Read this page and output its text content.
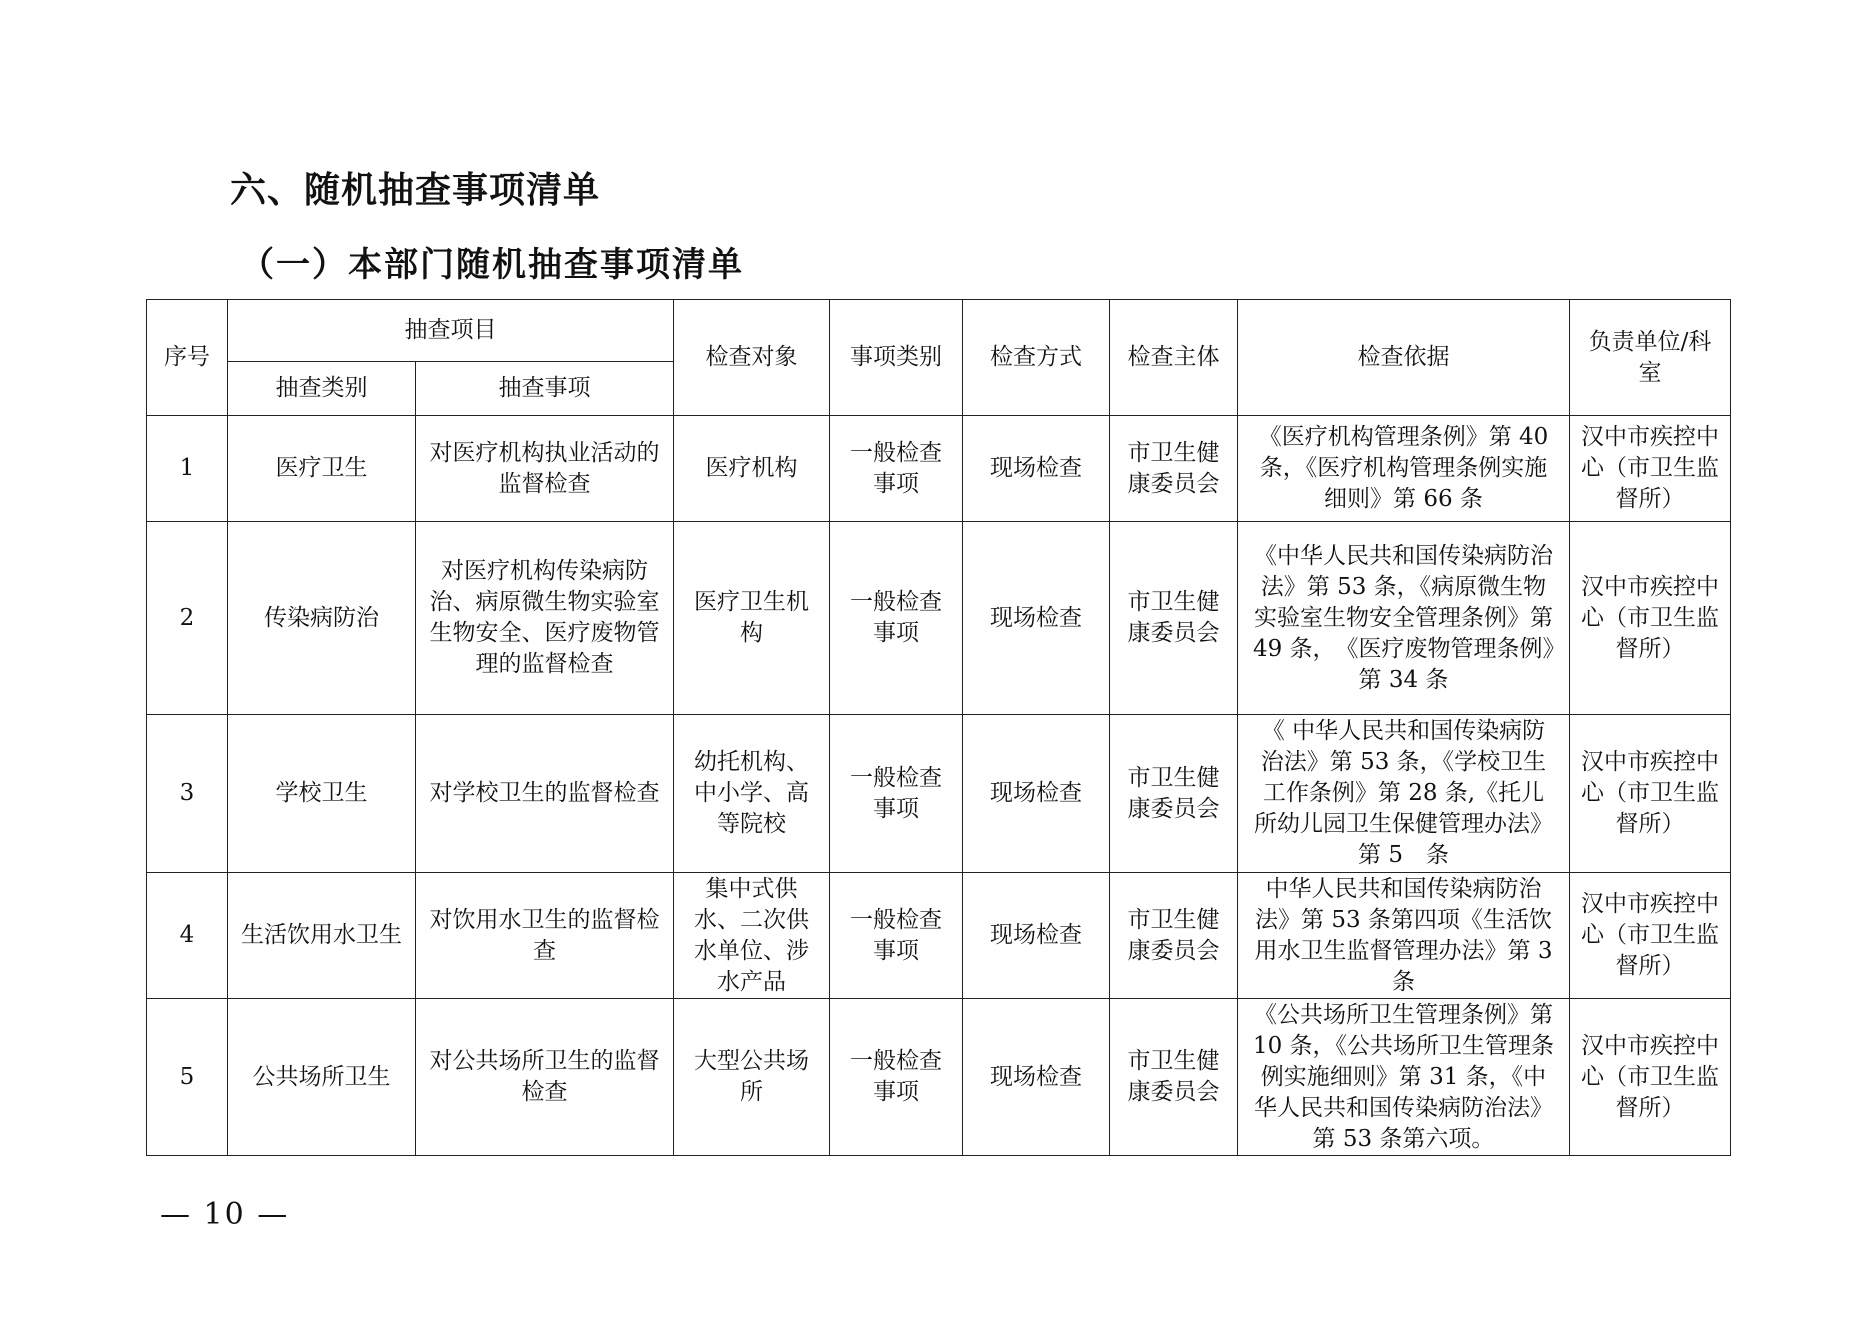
六、随机抽查事项清单
（一）本部门随机抽查事项清单
序号	抽查项目		检查对象	事项类别	检查方式	检查主体	检查依据	负责单位/科室
	抽查类别	抽查事项						
1	医疗卫生	对医疗机构执业活动的监督检查	医疗机构	一般检查事项	现场检查	市卫生健康委员会	《医疗机构管理条例》第 40 条，《医疗机构管理条例实施细则》第 66 条	汉中市疾控中心（市卫生监督所）
2	传染病防治	对医疗机构传染病防治、病原微生物实验室生物安全、医疗废物管理的监督检查	医疗卫生机构	一般检查事项	现场检查	市卫生健康委员会	《中华人民共和国传染病防治法》第 53 条，《病原微生物实验室生物安全管理条例》第 49 条，　《医疗废物管理条例》第 34 条	汉中市疾控中心（市卫生监督所）
3	学校卫生	对学校卫生的监督检查	幼托机构、中小学、高等院校	一般检查事项	现场检查	市卫生健康委员会	《 中华人民共和国传染病防治法》第 53 条，《学校卫生工作条例》第 28 条,《托儿所幼儿园卫生保健管理办法》第 5　条	汉中市疾控中心（市卫生监督所）
4	生活饮用水卫生	对饮用水卫生的监督检查	集中式供水、二次供水单位、涉水产品	一般检查事项	现场检查	市卫生健康委员会	中华人民共和国传染病防治法》第 53 条第四项《生活饮用水卫生监督管理办法》第 3　条	汉中市疾控中心（市卫生监督所）
5	公共场所卫生	对公共场所卫生的监督检查	大型公共场所	一般检查事项	现场检查	市卫生健康委员会	《公共场所卫生管理条例》第 10 条，《公共场所卫生管理条例实施细则》第 31 条，《中华人民共和国传染病防治法》第 53 条第六项。	汉中市疾控中心（市卫生监督所）
— 10 —
